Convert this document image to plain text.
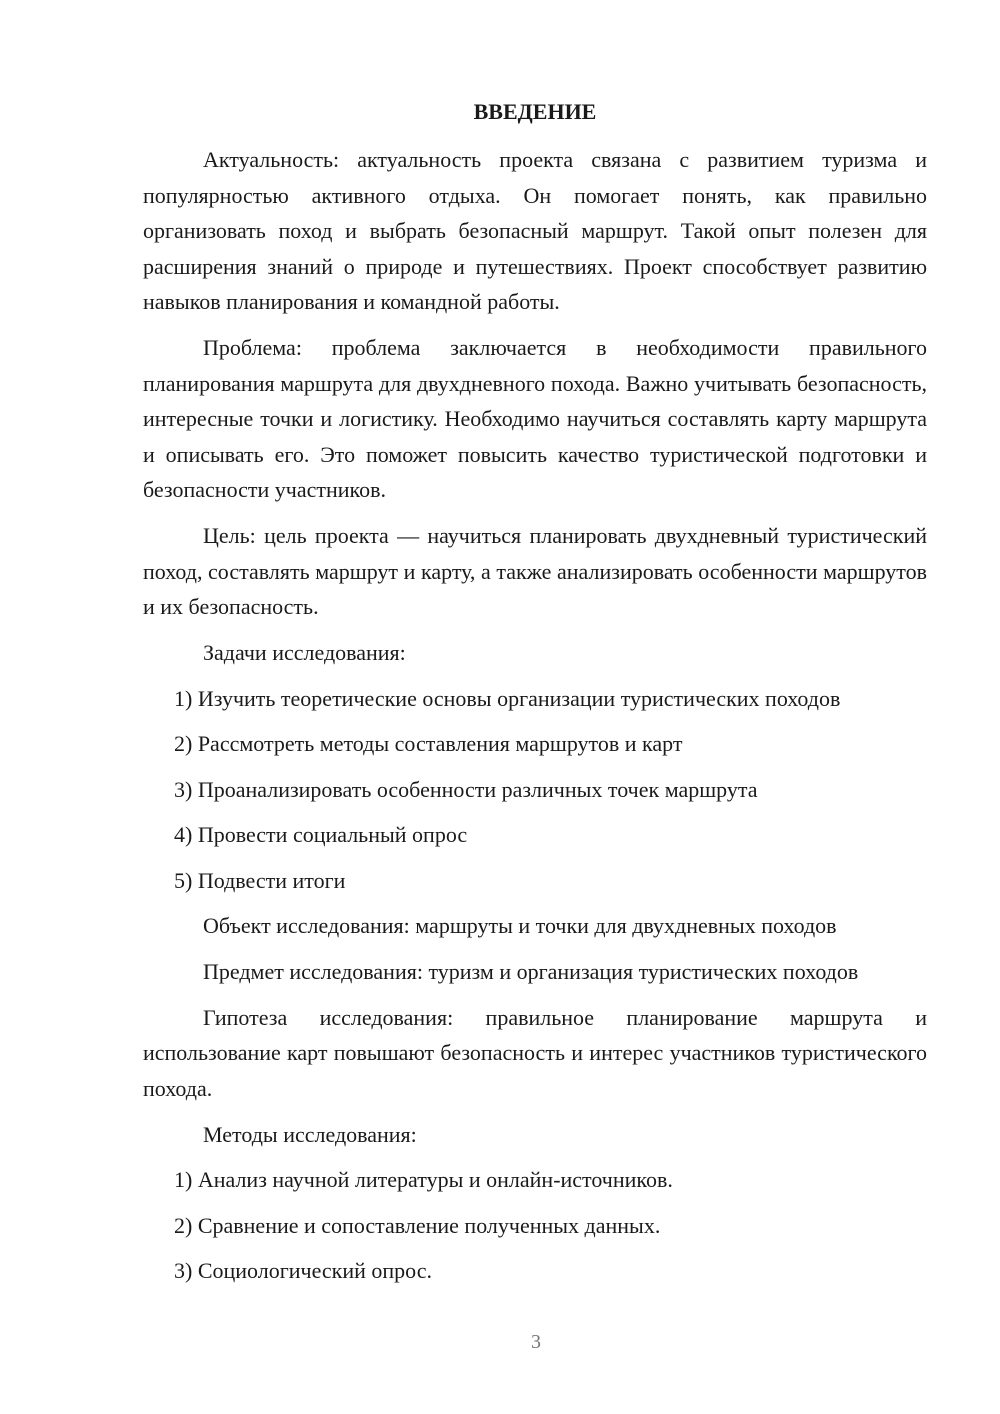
ВВЕДЕНИЕ

Актуальность: актуальность проекта связана с развитием туризма и популярностью активного отдыха. Он помогает понять, как правильно организовать поход и выбрать безопасный маршрут. Такой опыт полезен для расширения знаний о природе и путешествиях. Проект способствует развитию навыков планирования и командной работы.

Проблема: проблема заключается в необходимости правильного планирования маршрута для двухдневного похода. Важно учитывать безопасность, интересные точки и логистику. Необходимо научиться составлять карту маршрута и описывать его. Это поможет повысить качество туристической подготовки и безопасности участников.

Цель: цель проекта — научиться планировать двухдневный туристический поход, составлять маршрут и карту, а также анализировать особенности маршрутов и их безопасность.

Задачи исследования:

1) Изучить теоретические основы организации туристических походов

2) Рассмотреть методы составления маршрутов и карт

3) Проанализировать особенности различных точек маршрута

4) Провести социальный опрос

5) Подвести итоги

Объект исследования: маршруты и точки для двухдневных походов

Предмет исследования: туризм и организация туристических походов

Гипотеза исследования: правильное планирование маршрута и использование карт повышают безопасность и интерес участников туристического похода.

Методы исследования:

1) Анализ научной литературы и онлайн-источников.

2) Сравнение и сопоставление полученных данных.

3) Социологический опрос.

3
